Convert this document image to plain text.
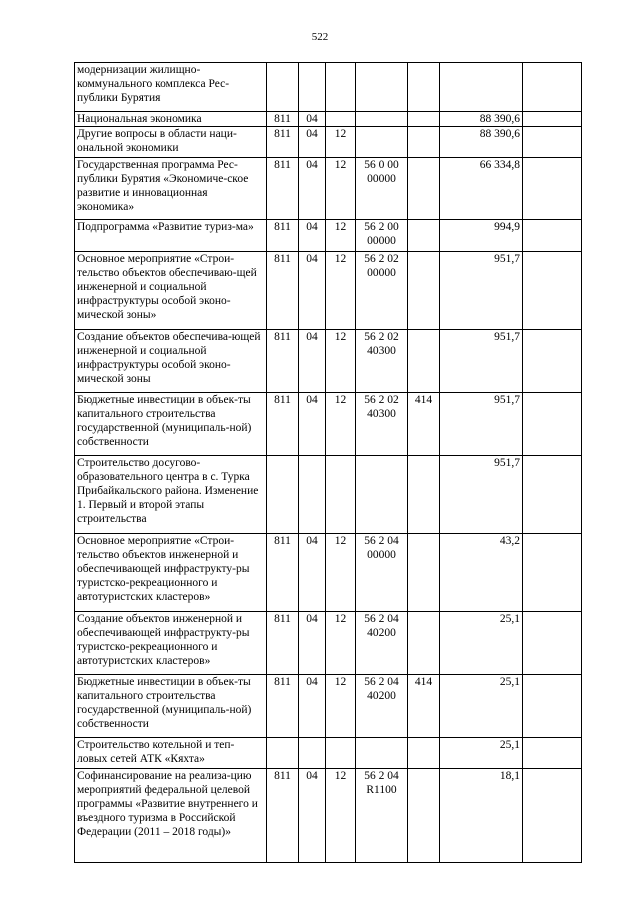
522
модернизации жилищно-коммунального комплекса Рес-публики Бурятия							
Национальная экономика	811	04				88 390,6	
Другие вопросы в области наци-ональной экономики	811	04	12			88 390,6	
Государственная программа Рес-публики Бурятия «Экономиче-ское развитие и инновационная экономика»	811	04	12	56 0 00 00000		66 334,8	
Подпрограмма «Развитие туриз-ма»	811	04	12	56 2 00 00000		994,9	
Основное мероприятие «Строи-тельство объектов обеспечиваю-щей инженерной и социальной инфраструктуры особой эконо-мической зоны»	811	04	12	56 2 02 00000		951,7	
Создание объектов обеспечива-ющей инженерной и социальной инфраструктуры особой эконо-мической зоны	811	04	12	56 2 02 40300		951,7	
Бюджетные инвестиции в объек-ты капитального строительства государственной (муниципаль-ной) собственности	811	04	12	56 2 02 40300	414	951,7	
Строительство досугово-образовательного центра в с. Турка Прибайкальского района. Изменение 1. Первый и второй этапы строительства						951,7	
Основное мероприятие «Строи-тельство объектов инженерной и обеспечивающей инфраструкту-ры туристско-рекреационного и автотуристских кластеров»	811	04	12	56 2 04 00000		43,2	
Создание объектов инженерной и обеспечивающей инфраструкту-ры туристско-рекреационного и автотуристских кластеров»	811	04	12	56 2 04 40200		25,1	
Бюджетные инвестиции в объек-ты капитального строительства государственной (муниципаль-ной) собственности	811	04	12	56 2 04 40200	414	25,1	
Строительство котельной и теп-ловых сетей АТК «Кяхта»						25,1	
Софинансирование на реализа-цию мероприятий федеральной целевой программы «Развитие внутреннего и въездного туризма в Российской Федерации (2011 – 2018 годы)»	811	04	12	56 2 04 R1100		18,1	
